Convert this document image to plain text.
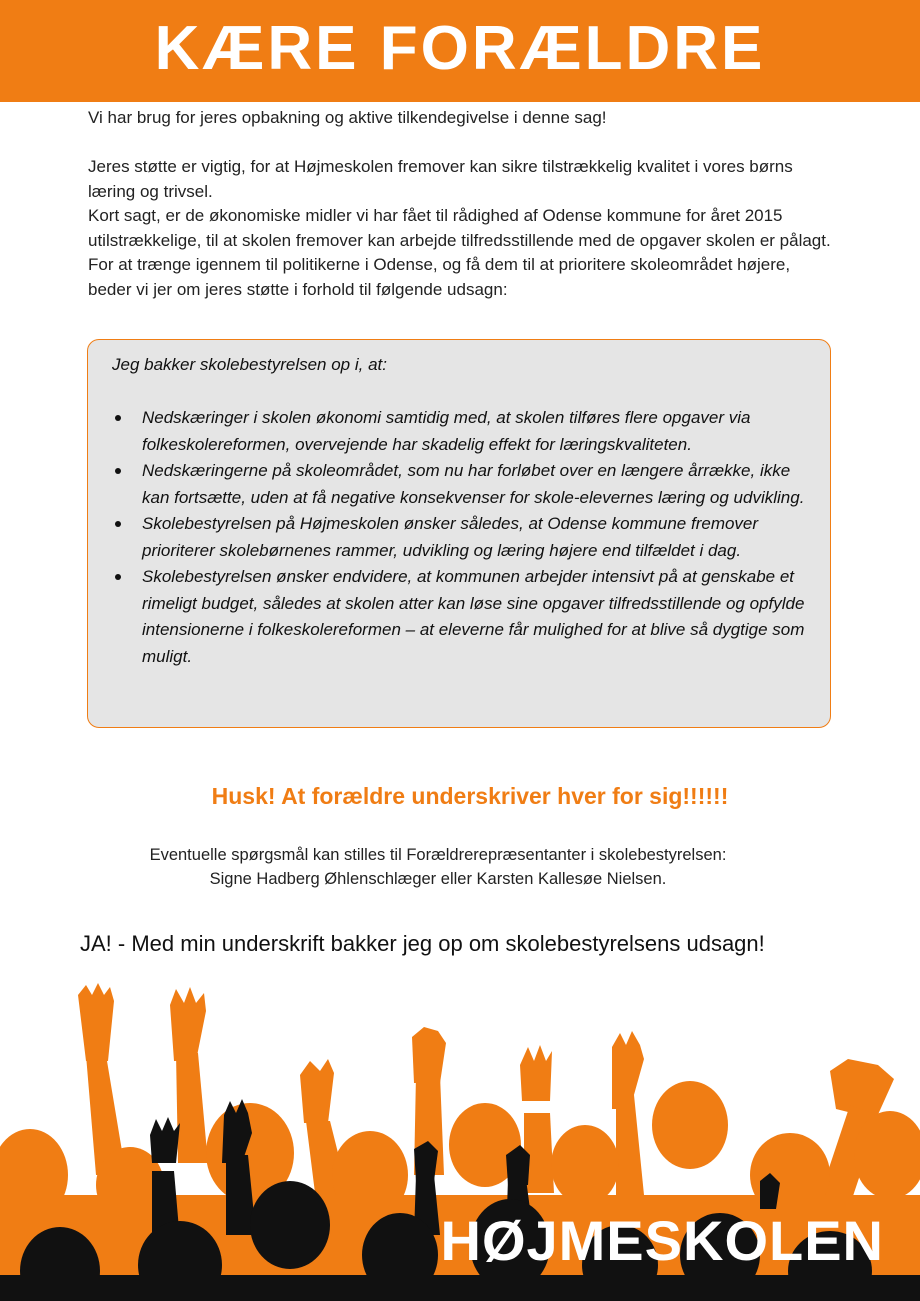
KÆRE FORÆLDRE

Vi har brug for jeres opbakning og aktive tilkendegivelse i denne sag!

Jeres støtte er vigtig, for at Højmeskolen fremover kan sikre tilstrækkelig kvalitet i vores børns læring og trivsel.

Kort sagt, er de økonomiske midler vi har fået til rådighed af Odense kommune for året 2015 utilstrækkelige, til at skolen fremover kan arbejde tilfredsstillende med de opgaver skolen er pålagt.

For at trænge igennem til politikerne i Odense, og få dem til at prioritere skoleområdet højere, beder vi jer om jeres støtte i forhold til følgende udsagn:

Jeg bakker skolebestyrelsen op i, at:
Nedskæringer i skolen økonomi samtidig med, at skolen tilføres flere opgaver via folkeskolereformen, overvejende har skadelig effekt for læringskvaliteten.
Nedskæringerne på skoleområdet, som nu har forløbet over en længere årrække, ikke kan fortsætte, uden at få negative konsekvenser for skole-elevernes læring og udvikling.
Skolebestyrelsen på Højmeskolen ønsker således, at Odense kommune fremover prioriterer skolebørnenes rammer, udvikling og læring højere end tilfældet i dag.
Skolebestyrelsen ønsker endvidere, at kommunen arbejder intensivt på at genskabe et rimeligt budget, således at skolen atter kan løse sine opgaver tilfredsstillende og opfylde intensionerne i folkeskolereformen – at eleverne får mulighed for at blive så dygtige som muligt.
Husk! At forældre underskriver hver for sig!!!!!!
Eventuelle spørgsmål kan stilles til Forældrerepræsentanter i skolebestyrelsen:
Signe Hadberg Øhlenschlæger eller Karsten Kallesøe Nielsen.
JA! - Med min underskrift bakker jeg op om skolebestyrelsens udsagn!
HØJMESKOLEN
